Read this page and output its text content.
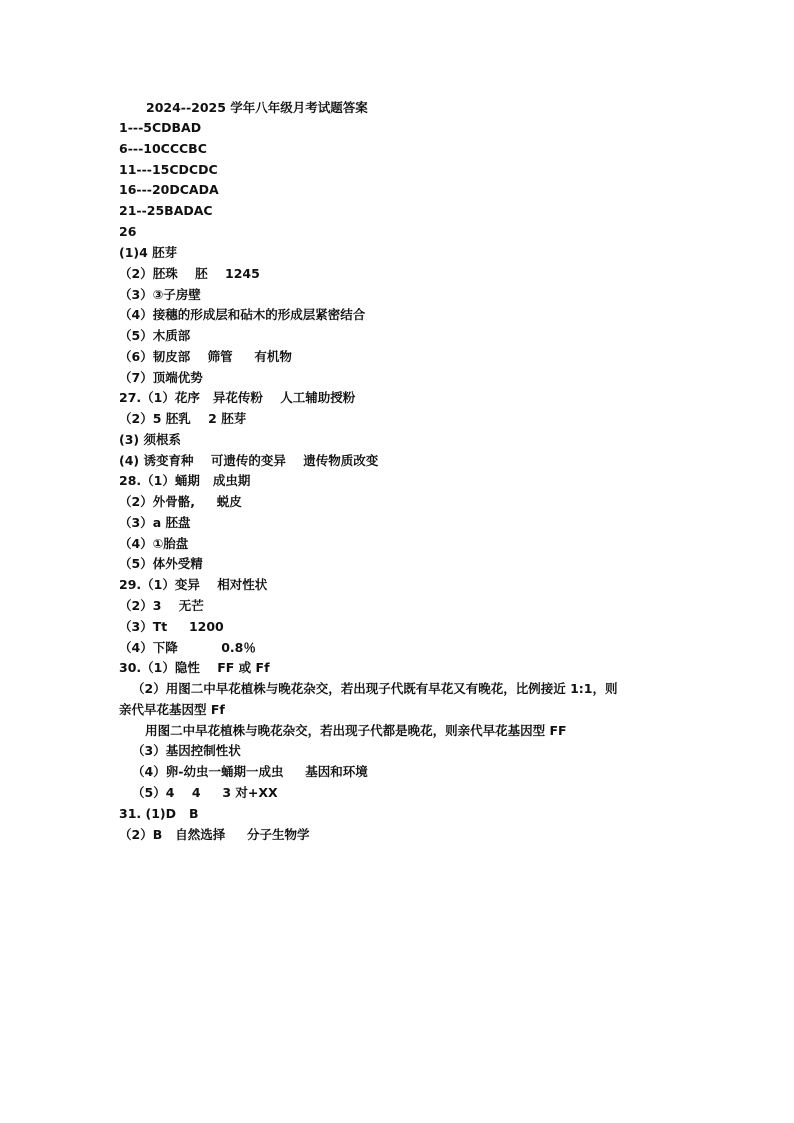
2024--2025 学年八年级月考试题答案
1---5CDBAD
6---10CCCBC
11---15CDCDC
16---20DCADA
21--25BADAC
26
(1)4 胚芽
（2）胚珠    胚    1245
（3）③子房壁
（4）接穗的形成层和砧木的形成层紧密结合
（5）木质部
（6）韧皮部    筛管     有机物
（7）顶端优势
27.（1）花序   异花传粉    人工辅助授粉
（2）5 胚乳    2 胚芽
(3) 须根系
(4) 诱变育种    可遗传的变异    遗传物质改变
28.（1）蛹期   成虫期
（2）外骨骼,     蜕皮
（3）a 胚盘
（4）①胎盘
（5）体外受精
29.（1）变异    相对性状
（2）3    无芒
（3）Tt     1200
（4）下降          0.8％
30.（1）隐性    FF 或 Ff
（2）用图二中早花植株与晚花杂交，若出现子代既有早花又有晚花，比例接近 1:1，则
亲代早花基因型 Ff
用图二中早花植株与晚花杂交，若出现子代都是晚花，则亲代早花基因型 FF
（3）基因控制性状
（4）卵-幼虫一蛹期一成虫     基因和环境
（5）4    4     3 对+XX
31. (1)D   B
（2）B   自然选择     分子生物学
